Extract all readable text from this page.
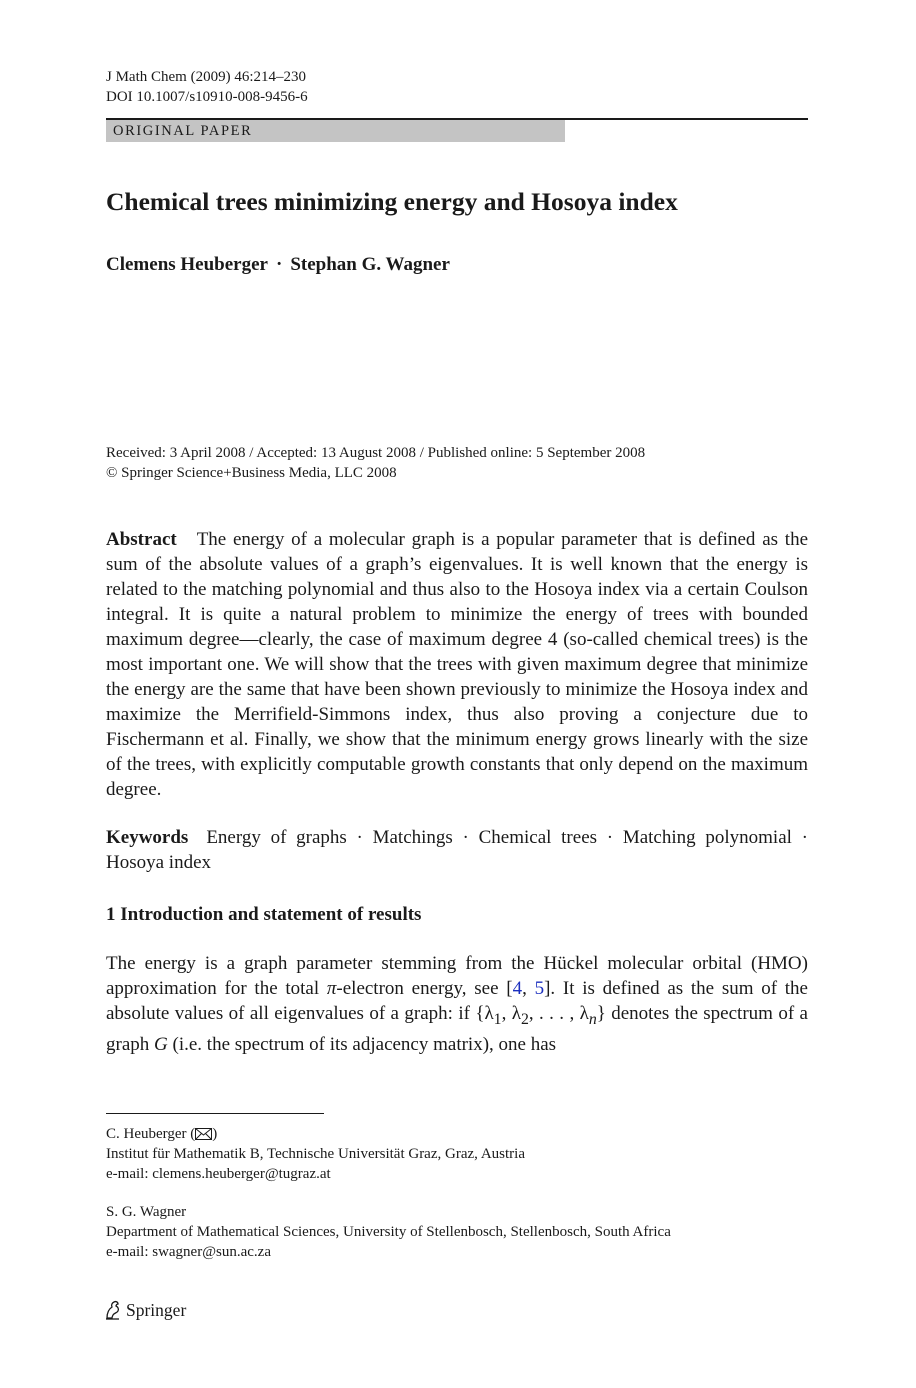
J Math Chem (2009) 46:214–230
DOI 10.1007/s10910-008-9456-6
ORIGINAL PAPER
Chemical trees minimizing energy and Hosoya index
Clemens Heuberger · Stephan G. Wagner
Received: 3 April 2008 / Accepted: 13 August 2008 / Published online: 5 September 2008
© Springer Science+Business Media, LLC 2008
Abstract The energy of a molecular graph is a popular parameter that is defined as the sum of the absolute values of a graph’s eigenvalues. It is well known that the energy is related to the matching polynomial and thus also to the Hosoya index via a certain Coulson integral. It is quite a natural problem to minimize the energy of trees with bounded maximum degree—clearly, the case of maximum degree 4 (so-called chemical trees) is the most important one. We will show that the trees with given maximum degree that minimize the energy are the same that have been shown previously to minimize the Hosoya index and maximize the Merrifield-Simmons index, thus also proving a conjecture due to Fischermann et al. Finally, we show that the minimum energy grows linearly with the size of the trees, with explicitly computable growth constants that only depend on the maximum degree.
Keywords Energy of graphs · Matchings · Chemical trees · Matching polynomial · Hosoya index
1 Introduction and statement of results
The energy is a graph parameter stemming from the Hückel molecular orbital (HMO) approximation for the total π-electron energy, see [4, 5]. It is defined as the sum of the absolute values of all eigenvalues of a graph: if {$\lambda_1$, $\lambda_2$, . . . , $\lambda_n$} denotes the spectrum of a graph G (i.e. the spectrum of its adjacency matrix), one has
C. Heuberger ( )
Institut für Mathematik B, Technische Universität Graz, Graz, Austria
e-mail: clemens.heuberger@tugraz.at
S. G. Wagner
Department of Mathematical Sciences, University of Stellenbosch, Stellenbosch, South Africa
e-mail: swagner@sun.ac.za
Springer
